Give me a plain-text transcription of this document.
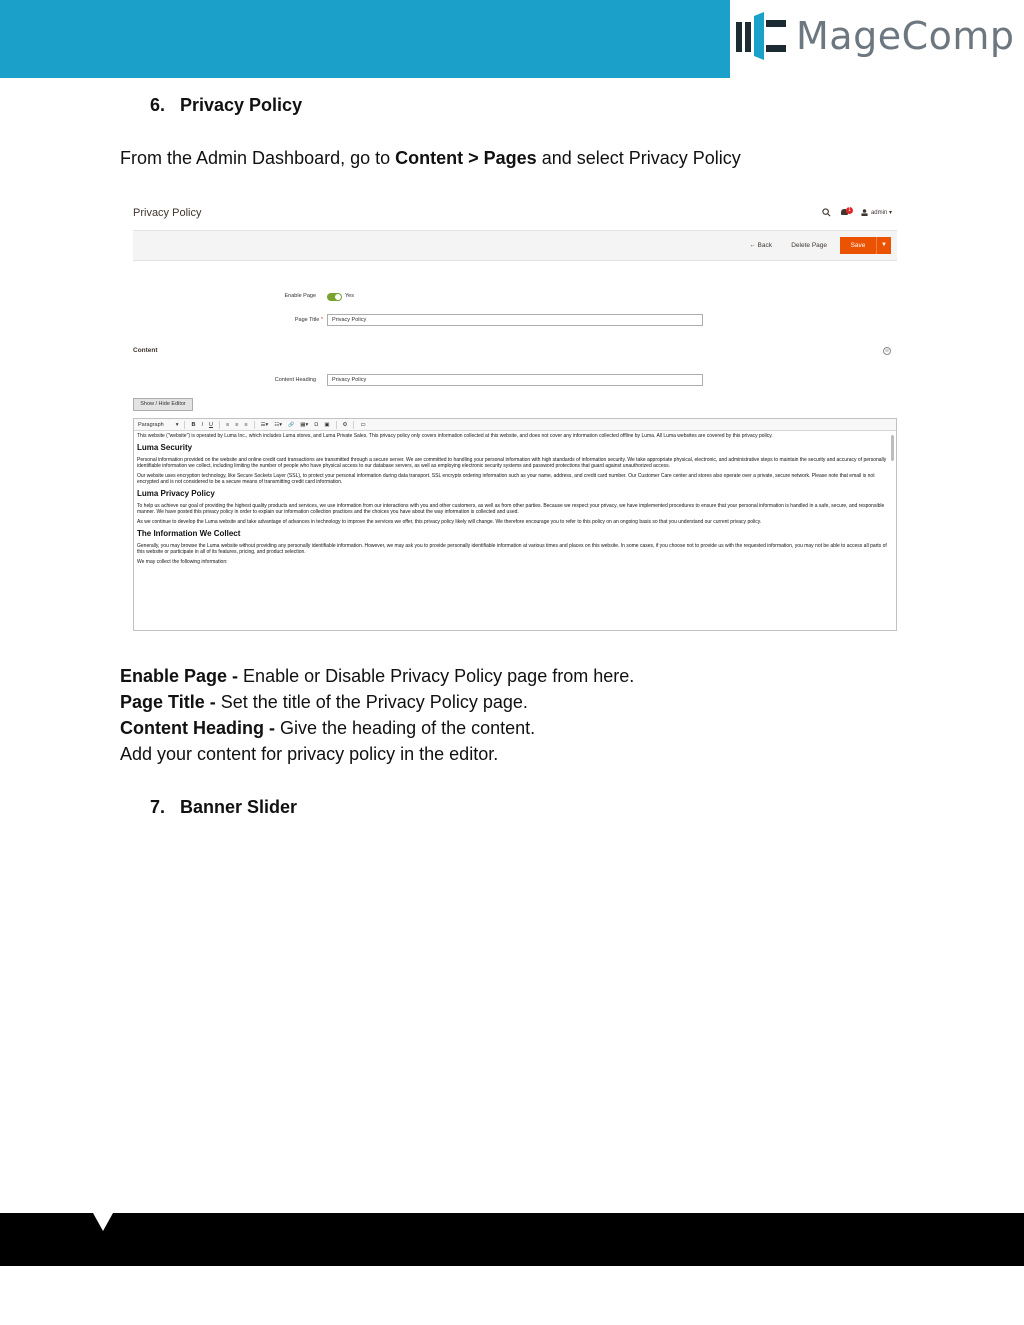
MageComp
6. Privacy Policy
From the Admin Dashboard, go to Content > Pages and select Privacy Policy
Privacy Policy	1	admin ▾
← Back	Delete Page	Save	▼
Enable Page	Yes
Page Title *	Privacy Policy
Content	⊖
Content Heading	Privacy Policy
Show / Hide Editor
Paragraph ▾ B I U ≡ ≡ ≡ ☰▾ ☷▾ 🔗 ▦▾ Ω ▣ ⚙ ▭

This website ("website") is operated by Luma Inc., which includes Luma stores, and Luma Private Sales. This privacy policy only covers information collected at this website, and does not cover any information collected offline by Luma. All Luma websites are covered by this privacy policy.

Luma Security

Personal information provided on the website and online credit card transactions are transmitted through a secure server. We are committed to handling your personal information with high standards of information security. We take appropriate physical, electronic, and administrative steps to maintain the security and accuracy of personally identifiable information we collect, including limiting the number of people who have physical access to our database servers, as well as employing electronic security systems and password protections that guard against unauthorized access.

Our website uses encryption technology, like Secure Sockets Layer (SSL), to protect your personal information during data transport. SSL encrypts ordering information such as your name, address, and credit card number. Our Customer Care center and stores also operate over a private, secure network. Please note that email is not encrypted and is not considered to be a secure means of transmitting credit card information.

Luma Privacy Policy

To help us achieve our goal of providing the highest quality products and services, we use information from our interactions with you and other customers, as well as from other parties. Because we respect your privacy, we have implemented procedures to ensure that your personal information is handled in a safe, secure, and responsible manner. We have posted this privacy policy in order to explain our information collection practices and the choices you have about the way information is collected and used.

As we continue to develop the Luma website and take advantage of advances in technology to improve the services we offer, this privacy policy likely will change. We therefore encourage you to refer to this policy on an ongoing basis so that you understand our current privacy policy.

The Information We Collect

Generally, you may browse the Luma website without providing any personally identifiable information. However, we may ask you to provide personally identifiable information at various times and places on this website. In some cases, if you choose not to provide us with the requested information, you may not be able to access all parts of this website or participate in all of its features, pricing, and product selection.

We may collect the following information:

Enable Page - Enable or Disable Privacy Policy page from here.
Page Title - Set the title of the Privacy Policy page.
Content Heading - Give the heading of the content.
Add your content for privacy policy in the editor.
7. Banner Slider
